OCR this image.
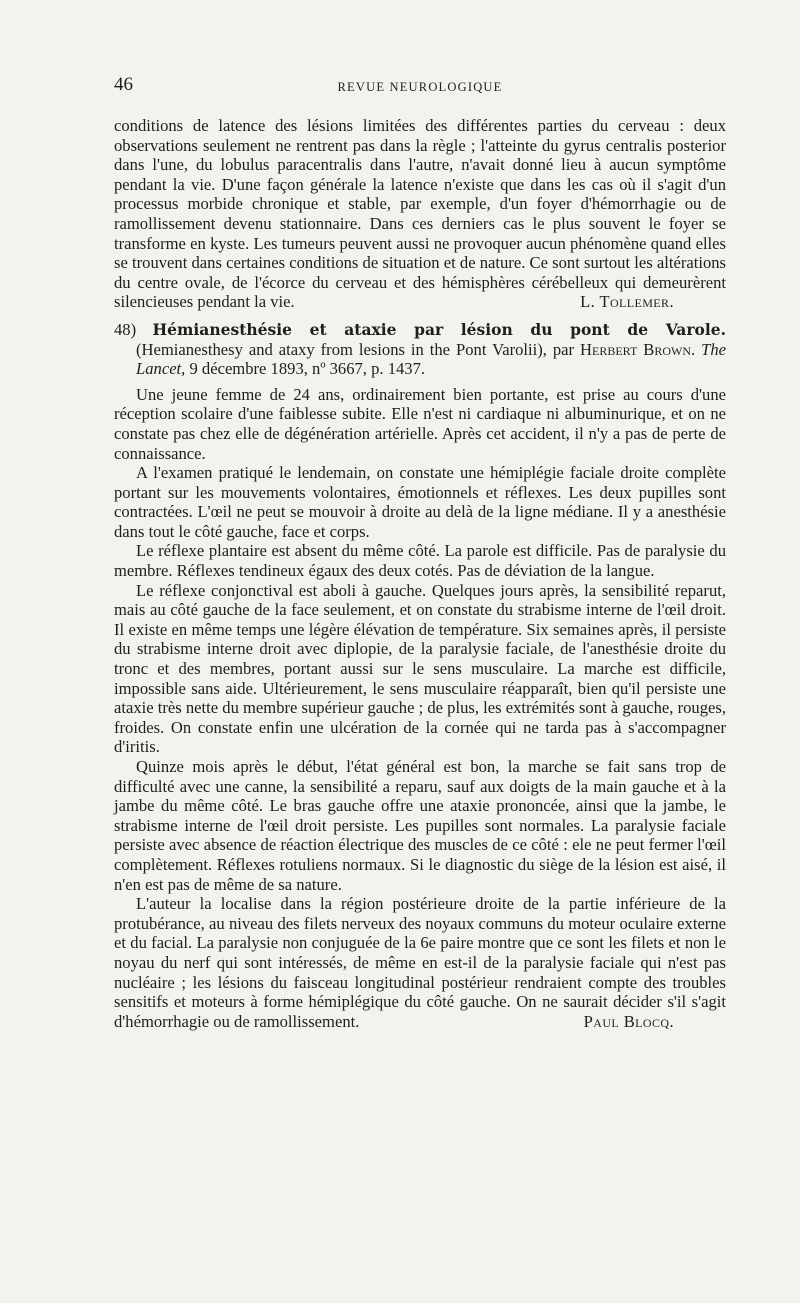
46	REVUE NEUROLOGIQUE

conditions de latence des lésions limitées des différentes parties du cerveau : deux observations seulement ne rentrent pas dans la règle ; l'atteinte du gyrus centralis posterior dans l'une, du lobulus paracentralis dans l'autre, n'avait donné lieu à aucun symptôme pendant la vie. D'une façon générale la latence n'existe que dans les cas où il s'agit d'un processus morbide chronique et stable, par exemple, d'un foyer d'hémorrhagie ou de ramollissement devenu stationnaire. Dans ces derniers cas le plus souvent le foyer se transforme en kyste. Les tumeurs peuvent aussi ne provoquer aucun phénomène quand elles se trouvent dans certaines conditions de situation et de nature. Ce sont surtout les altérations du centre ovale, de l'écorce du cerveau et des hémisphères cérébelleux qui demeurèrent silencieuses pendant la vie.	L. Tollemer.

48) Hémianesthésie et ataxie par lésion du pont de Varole. (Hemianesthesy and ataxy from lesions in the Pont Varolii), par Herbert Brown. The Lancet, 9 décembre 1893, nº 3667, p. 1437.

Une jeune femme de 24 ans, ordinairement bien portante, est prise au cours d'une réception scolaire d'une faiblesse subite. Elle n'est ni cardiaque ni albuminurique, et on ne constate pas chez elle de dégénération artérielle. Après cet accident, il n'y a pas de perte de connaissance.

A l'examen pratiqué le lendemain, on constate une hémiplégie faciale droite complète portant sur les mouvements volontaires, émotionnels et réflexes. Les deux pupilles sont contractées. L'œil ne peut se mouvoir à droite au delà de la ligne médiane. Il y a anesthésie dans tout le côté gauche, face et corps.

Le réflexe plantaire est absent du même côté. La parole est difficile. Pas de paralysie du membre. Réflexes tendineux égaux des deux cotés. Pas de déviation de la langue.

Le réflexe conjonctival est aboli à gauche. Quelques jours après, la sensibilité reparut, mais au côté gauche de la face seulement, et on constate du strabisme interne de l'œil droit. Il existe en même temps une légère élévation de température. Six semaines après, il persiste du strabisme interne droit avec diplopie, de la paralysie faciale, de l'anesthésie droite du tronc et des membres, portant aussi sur le sens musculaire. La marche est difficile, impossible sans aide. Ultérieurement, le sens musculaire réapparaît, bien qu'il persiste une ataxie très nette du membre supérieur gauche ; de plus, les extrémités sont à gauche, rouges, froides. On constate enfin une ulcération de la cornée qui ne tarda pas à s'accompagner d'iritis.

Quinze mois après le début, l'état général est bon, la marche se fait sans trop de difficulté avec une canne, la sensibilité a reparu, sauf aux doigts de la main gauche et à la jambe du même côté. Le bras gauche offre une ataxie prononcée, ainsi que la jambe, le strabisme interne de l'œil droit persiste. Les pupilles sont normales. La paralysie faciale persiste avec absence de réaction électrique des muscles de ce côté : ele ne peut fermer l'œil complètement. Réflexes rotuliens normaux. Si le diagnostic du siège de la lésion est aisé, il n'en est pas de même de sa nature.

L'auteur la localise dans la région postérieure droite de la partie inférieure de la protubérance, au niveau des filets nerveux des noyaux communs du moteur oculaire externe et du facial. La paralysie non conjuguée de la 6e paire montre que ce sont les filets et non le noyau du nerf qui sont intéressés, de même en est-il de la paralysie faciale qui n'est pas nucléaire ; les lésions du faisceau longitudinal postérieur rendraient compte des troubles sensitifs et moteurs à forme hémiplégique du côté gauche. On ne saurait décider s'il s'agit d'hémorrhagie ou de ramollissement.	Paul Blocq.
